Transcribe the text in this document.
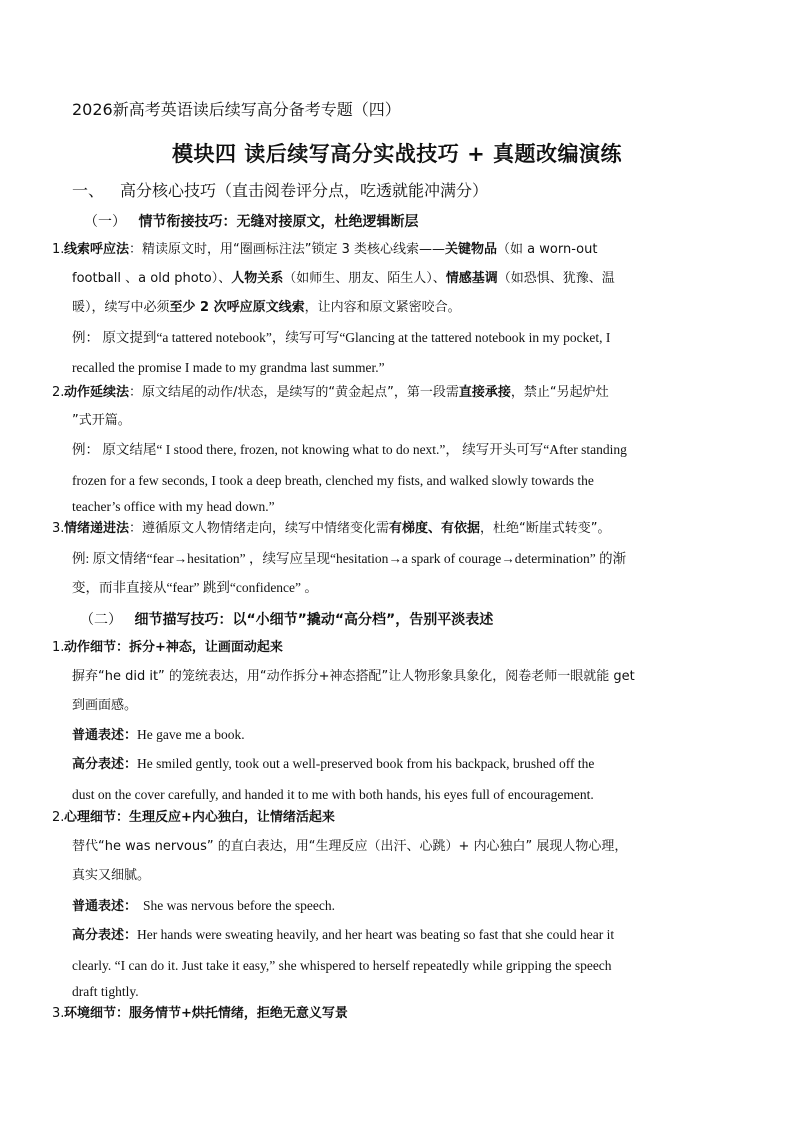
2026新高考英语读后续写高分备考专题（四）
模块四 读后续写高分实战技巧 + 真题改编演练
一、 高分核心技巧（直击阅卷评分点，吃透就能冲满分）
（一） 情节衔接技巧：无缝对接原文，杜绝逻辑断层
1. 线索呼应法：精读原文时，用“圈画标注法”锁定 3 类核心线索——关键物品（如 a worn-out
football 、a old photo）、人物关系（如师生、朋友、陌生人）、情感基调（如恐惧、犹豫、温
暖），续写中必须至少 2 次呼应原文线索，让内容和原文紧密咬合。
例： 原文提到“a tattered notebook”，续写可写“Glancing at the tattered notebook in my pocket, I
recalled the promise I made to my grandma last summer.”
2. 动作延续法：原文结尾的动作/状态，是续写的“黄金起点”，第一段需直接承接，禁止“另起炉灶
”式开篇。
例： 原文结尾“ I stood there, frozen, not knowing what to do next.”， 续写开头可写“After standing
frozen for a few seconds, I took a deep breath, clenched my fists, and walked slowly towards the
teacher’s office with my head down.”
3. 情绪递进法：遵循原文人物情绪走向，续写中情绪变化需有梯度、有依据，杜绝“断崖式转变”。
例: 原文情绪“fear→hesitation” ，续写应呈现“hesitation→a spark of courage→determination” 的渐
变，而非直接从“fear” 跳到“confidence” 。
（二） 细节描写技巧：以“小细节”撬动“高分档”，告别平淡表述
1. 动作细节：拆分+神态，让画面动起来
摒弃“he did it” 的笼统表达，用“动作拆分+神态搭配”让人物形象具象化，阅卷老师一眼就能 get
到画面感。
普通表述：He gave me a book.
高分表述：He smiled gently, took out a well-preserved book from his backpack, brushed off the
dust on the cover carefully, and handed it to me with both hands, his eyes full of encouragement.
2. 心理细节：生理反应+内心独白，让情绪活起来
替代“he was nervous” 的直白表达，用“生理反应（出汗、心跳）+ 内心独白” 展现人物心理，
真实又细腻。
普通表述： She was nervous before the speech.
高分表述：Her hands were sweating heavily, and her heart was beating so fast that she could hear it
clearly. “I can do it. Just take it easy,” she whispered to herself repeatedly while gripping the speech
draft tightly.
3. 环境细节：服务情节+烘托情绪，拒绝无意义写景
